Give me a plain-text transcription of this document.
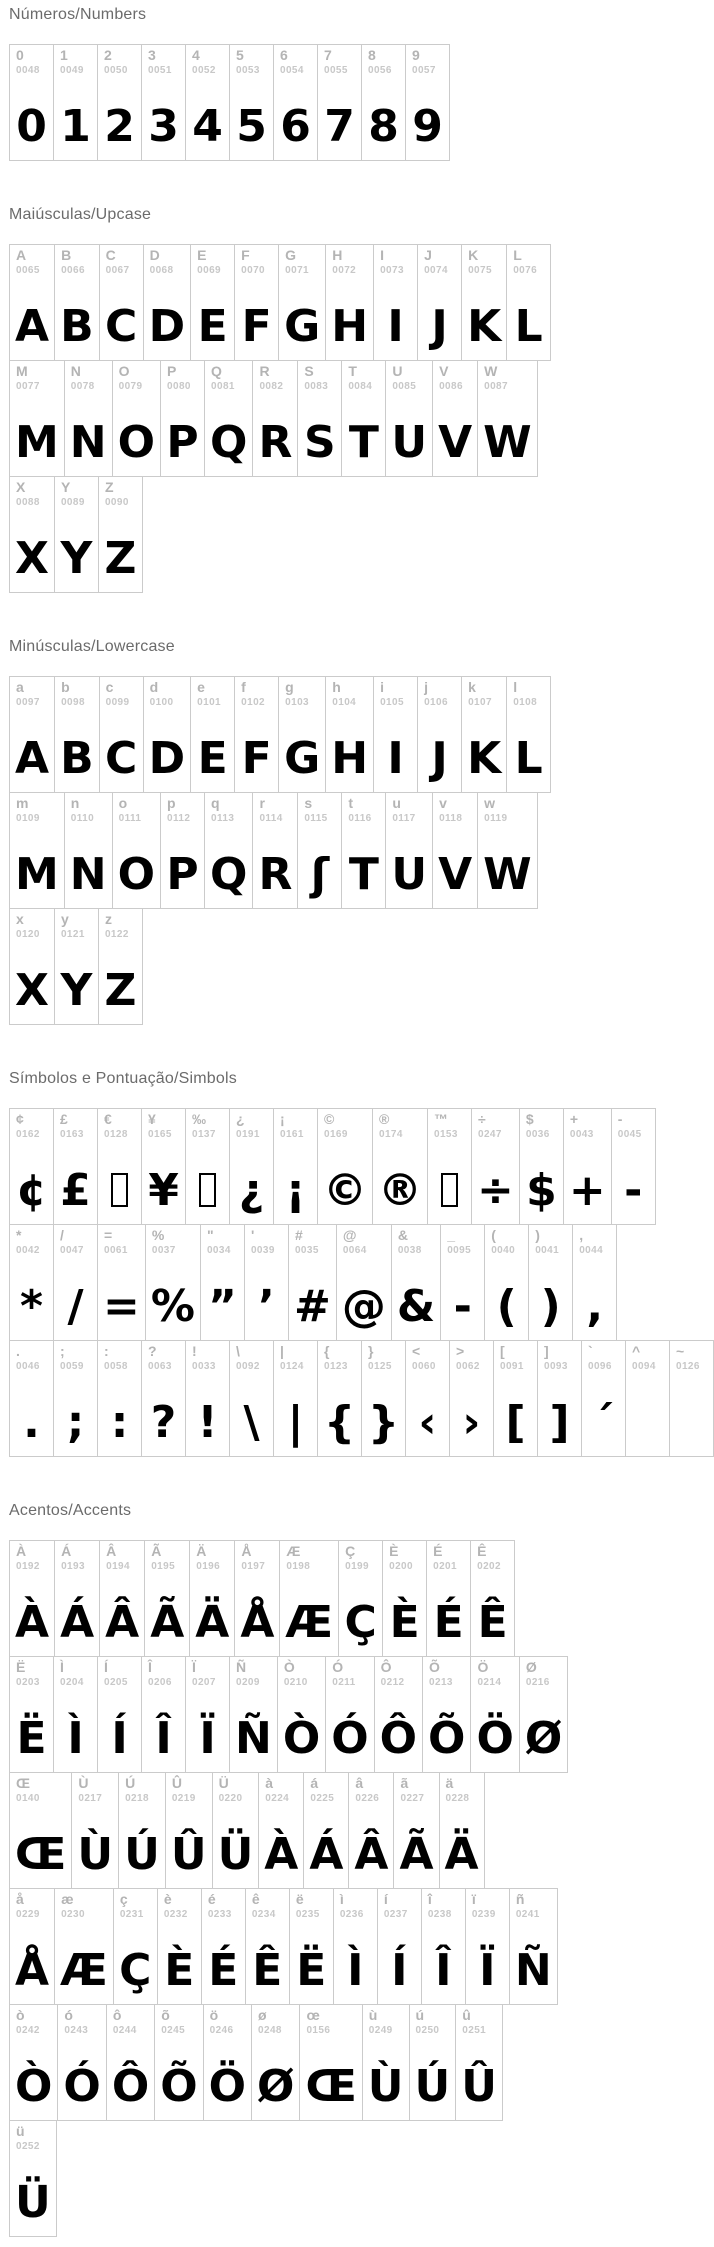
Números/Numbers
0
0048
0
1
0049
1
2
0050
2
3
0051
3
4
0052
4
5
0053
5
6
0054
6
7
0055
7
8
0056
8
9
0057
9
Maiúsculas/Upcase
A
0065
A
B
0066
B
C
0067
C
D
0068
D
E
0069
E
F
0070
F
G
0071
G
H
0072
H
I
0073
I
J
0074
J
K
0075
K
L
0076
L
M
0077
M
N
0078
N
O
0079
O
P
0080
P
Q
0081
Q
R
0082
R
S
0083
S
T
0084
T
U
0085
U
V
0086
V
W
0087
W
X
0088
X
Y
0089
Y
Z
0090
Z
Minúsculas/Lowercase
a
0097
A
b
0098
B
c
0099
C
d
0100
D
e
0101
E
f
0102
F
g
0103
G
h
0104
H
i
0105
I
j
0106
J
k
0107
K
l
0108
L
m
0109
M
n
0110
N
o
0111
O
p
0112
P
q
0113
Q
r
0114
R
s
0115
ʃ
t
0116
T
u
0117
U
v
0118
V
w
0119
W
x
0120
X
y
0121
Y
z
0122
Z
Símbolos e Pontuação/Simbols
¢
0162
¢
£
0163
£
€
0128
¥
0165
¥
‰
0137
¿
0191
¿
¡
0161
¡
©
0169
©
®
0174
®
™
0153
÷
0247
÷
$
0036
$
+
0043
+
-
0045
-
*
0042
*
/
0047
/
=
0061
=
%
0037
%
"
0034
”
'
0039
’
#
0035
#
@
0064
@
&
0038
&
_
0095
-
(
0040
(
)
0041
)
,
0044
,
.
0046
.
;
0059
;
:
0058
:
?
0063
?
!
0033
!
\
0092
\
|
0124
|
{
0123
{
}
0125
}
<
0060
‹
>
0062
›
[
0091
[
]
0093
]
`
0096
´
^
0094
~
0126
Acentos/Accents
À
0192
À
Á
0193
Á
Â
0194
Â
Ã
0195
Ã
Ä
0196
Ä
Å
0197
Å
Æ
0198
Æ
Ç
0199
Ç
È
0200
È
É
0201
É
Ê
0202
Ê
Ë
0203
Ë
Ì
0204
Ì
Í
0205
Í
Î
0206
Î
Ï
0207
Ï
Ñ
0209
Ñ
Ò
0210
Ò
Ó
0211
Ó
Ô
0212
Ô
Õ
0213
Õ
Ö
0214
Ö
Ø
0216
Ø
Œ
0140
Œ
Ù
0217
Ù
Ú
0218
Ú
Û
0219
Û
Ü
0220
Ü
à
0224
À
á
0225
Á
â
0226
Â
ã
0227
Ã
ä
0228
Ä
å
0229
Å
æ
0230
Æ
ç
0231
Ç
è
0232
È
é
0233
É
ê
0234
Ê
ë
0235
Ë
ì
0236
Ì
í
0237
Í
î
0238
Î
ï
0239
Ï
ñ
0241
Ñ
ò
0242
Ò
ó
0243
Ó
ô
0244
Ô
õ
0245
Õ
ö
0246
Ö
ø
0248
Ø
œ
0156
Œ
ù
0249
Ù
ú
0250
Ú
û
0251
Û
ü
0252
Ü
